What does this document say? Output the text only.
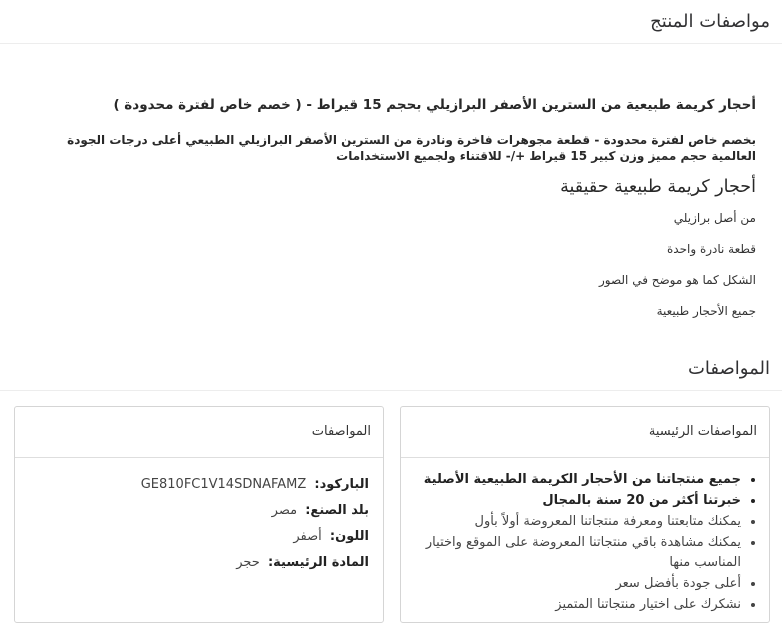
مواصفات المنتج

أحجار كريمة طبيعية من السترين الأصفر البرازيلي بحجم 15 قيراط - ( خصم خاص لفترة محدودة )

بخصم خاص لفترة محدودة - قطعة مجوهرات فاخرة ونادرة من السترين الأصفر البرازيلي الطبيعي أعلى درجات الجودة العالمية حجم مميز وزن كبير 15 قيراط +/- للاقتناء ولجميع الاستخدامات

أحجار كريمة طبيعية حقيقية

من أصل برازيلي
قطعة نادرة واحدة
الشكل كما هو موضح في الصور
جميع الأحجار طبيعية
المواصفات
المواصفات الرئيسية
• جميع منتجاتنا من الأحجار الكريمة الطبيعية الأصلية
• خبرتنا أكثر من 20 سنة بالمجال
• يمكنك متابعتنا ومعرفة منتجاتنا المعروضة أولاً بأول
• يمكنك مشاهدة باقي منتجاتنا المعروضة على الموقع واختيار المناسب منها
• أعلى جودة بأفضل سعر
• نشكرك على اختيار منتجاتنا المتميز
المواصفات
الباركود: GE810FC1V14SDNAFAMZ
بلد الصنع: مصر
اللون: أصفر
المادة الرئيسية: حجر
